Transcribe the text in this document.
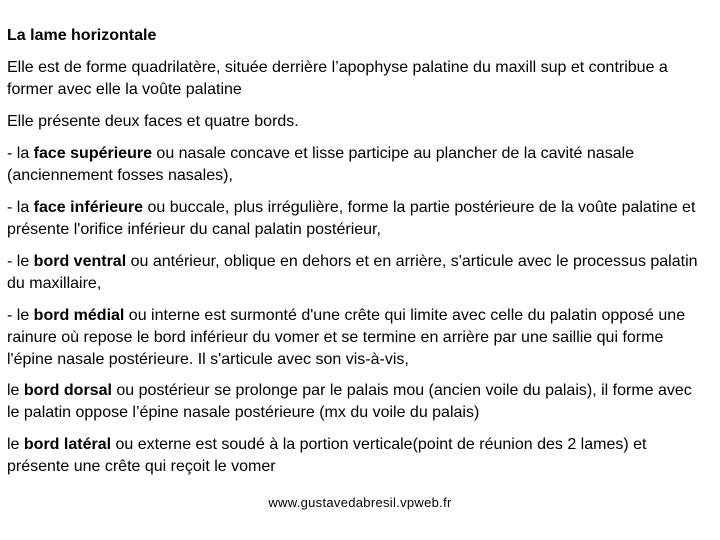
La lame horizontale

Elle est de forme quadrilatère, située derrière l’apophyse palatine du maxill sup et contribue a former avec elle la voûte palatine

Elle présente deux faces et quatre bords.

- la face supérieure ou nasale concave et lisse participe au plancher de la cavité nasale (anciennement fosses nasales),

- la face inférieure ou buccale, plus irrégulière, forme la partie postérieure de la voûte palatine et présente l'orifice inférieur du canal palatin postérieur,

- le bord ventral ou antérieur, oblique en dehors et en arrière, s'articule avec le processus palatin du maxillaire,

- le bord médial ou interne est surmonté d'une crête qui limite avec celle du palatin opposé une rainure où repose le bord inférieur du vomer et se termine en arrière par une saillie qui forme l'épine nasale postérieure. Il s'articule avec son vis-à-vis,

le bord dorsal ou postérieur se prolonge par le palais mou (ancien voile du palais), il forme avec le palatin oppose l’épine nasale postérieure (mx du voile du palais)

le bord latéral ou externe est soudé à la portion verticale(point de réunion des 2 lames) et présente une crête qui reçoit le vomer

www.gustavedabresil.vpweb.fr
